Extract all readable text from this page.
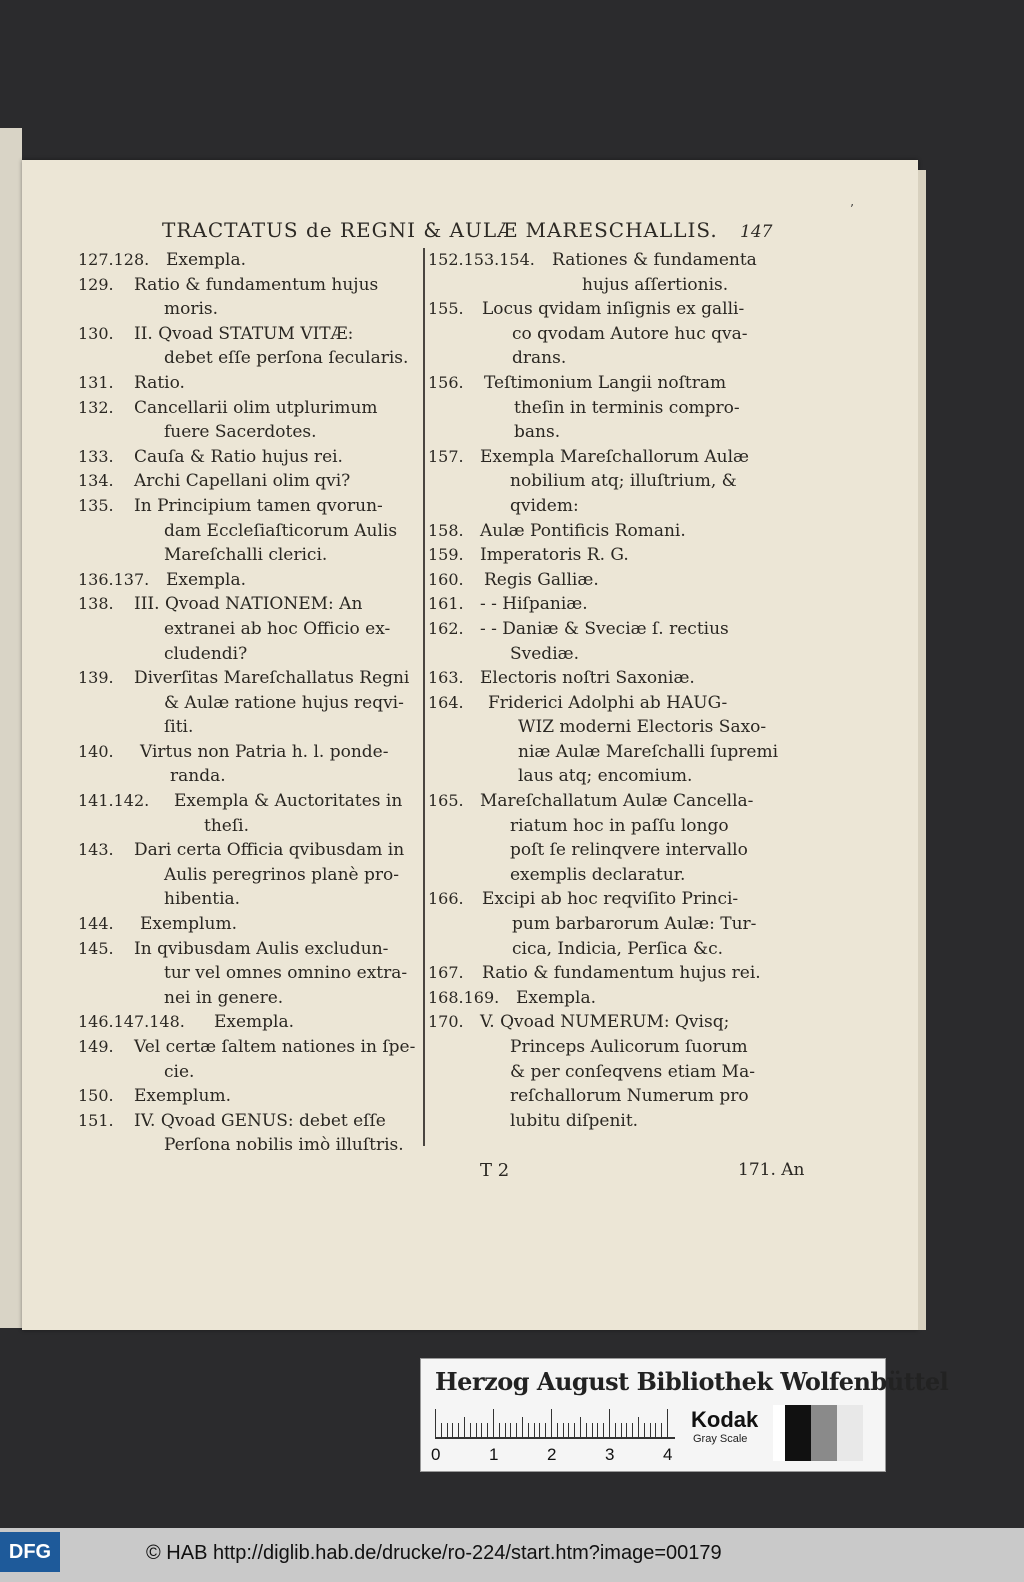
’
TRACTATUS de REGNI & AULÆ MARESCHALLIS. 147
127.128. Exempla.
129. Ratio & fundamentum hujus
moris.
130. II. Qvoad STATUM VITÆ:
debet eſſe perſona ſecularis.
131. Ratio.
132. Cancellarii olim utplurimum
fuere Sacerdotes.
133. Cauſa & Ratio hujus rei.
134. Archi Capellani olim qvi?
135. In Principium tamen qvorun-
dam Eccleſiaſticorum Aulis
Mareſchalli clerici.
136.137. Exempla.
138. III. Qvoad NATIONEM: An
extranei ab hoc Officio ex-
cludendi?
139. Diverſitas Mareſchallatus Regni
& Aulæ ratione hujus reqvi-
ſiti.
140. Virtus non Patria h. l. ponde-
randa.
141.142. Exempla & Auctoritates in
theſi.
143. Dari certa Officia qvibusdam in
Aulis peregrinos planè pro-
hibentia.
144. Exemplum.
145. In qvibusdam Aulis excludun-
tur vel omnes omnino extra-
nei in genere.
146.147.148. Exempla.
149. Vel certæ ſaltem nationes in ſpe-
cie.
150. Exemplum.
151. IV. Qvoad GENUS: debet eſſe
Perſona nobilis imò illuſtris.
152.153.154. Rationes & fundamenta
hujus aſſertionis.
155. Locus qvidam inſignis ex galli-
co qvodam Autore huc qva-
drans.
156. Teſtimonium Langii noſtram
theſin in terminis compro-
bans.
157. Exempla Mareſchallorum Aulæ
nobilium atq; illuſtrium, &
qvidem:
158. Aulæ Pontificis Romani.
159. Imperatoris R. G.
160. Regis Galliæ.
161. - - Hiſpaniæ.
162. - - Daniæ & Sveciæ ſ. rectius
Svediæ.
163. Electoris noſtri Saxoniæ.
164. Friderici Adolphi ab HAUG-
WIZ moderni Electoris Saxo-
niæ Aulæ Mareſchalli ſupremi
laus atq; encomium.
165. Mareſchallatum Aulæ Cancella-
riatum hoc in paſſu longo
poſt ſe relinqvere intervallo
exemplis declaratur.
166. Excipi ab hoc reqviſito Princi-
pum barbarorum Aulæ: Tur-
cica, Indicia, Perſica &c.
167. Ratio & fundamentum hujus rei.
168.169. Exempla.
170. V. Qvoad NUMERUM: Qvisq;
Princeps Aulicorum ſuorum
& per conſeqvens etiam Ma-
reſchallorum Numerum pro
lubitu diſpenit.
T 2	171. An
Herzog August Bibliothek Wolfenbüttel
0	1	2	3	4
Kodak
Gray Scale
DFG	© HAB http://diglib.hab.de/drucke/ro-224/start.htm?image=00179
